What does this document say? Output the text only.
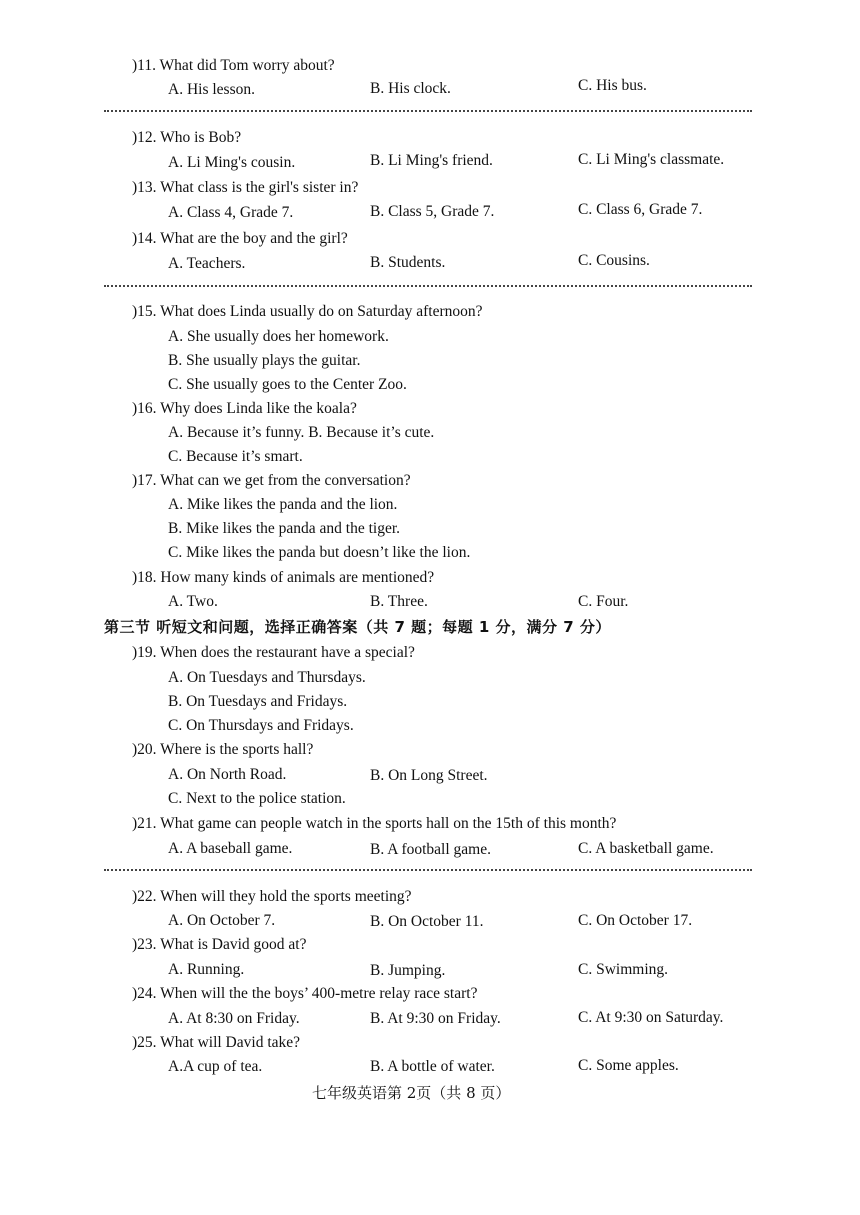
)11. What did Tom worry about?
A. His lesson.	B. His clock.	C. His bus.
)12. Who is Bob?
A. Li Ming's cousin.	B. Li Ming's friend.	C. Li Ming's classmate.
)13. What class is the girl's sister in?
A. Class 4, Grade 7.	B. Class 5, Grade 7.	C. Class 6, Grade 7.
)14. What are the boy and the girl?
A. Teachers.	B. Students.	C. Cousins.
)15. What does Linda usually do on Saturday afternoon?
A. She usually does her homework.
B. She usually plays the guitar.
C. She usually goes to the Center Zoo.
)16. Why does Linda like the koala?
A. Because it’s funny. B. Because it’s cute.
C. Because it’s smart.
)17. What can we get from the conversation?
A. Mike likes the panda and the lion.
B. Mike likes the panda and the tiger.
C. Mike likes the panda but doesn’t like the lion.
)18. How many kinds of animals are mentioned?
A. Two.	B. Three.	C. Four.
第三节 听短文和问题，选择正确答案（共 7 题；每题 1 分，满分 7 分）
)19. When does the restaurant have a special?
A. On Tuesdays and Thursdays.
B. On Tuesdays and Fridays.
C. On Thursdays and Fridays.
)20. Where is the sports hall?
A. On North Road.	B. On Long Street.
C. Next to the police station.
)21. What game can people watch in the sports hall on the 15th of this month?
A. A baseball game.	B. A football game.	C. A basketball game.
)22. When will they hold the sports meeting?
A. On October 7.	B. On October 11.	C. On October 17.
)23. What is David good at?
A. Running.	B. Jumping.	C. Swimming.
)24. When will the the boys’ 400-metre relay race start?
A. At 8:30 on Friday.	B. At 9:30 on Friday.	C. At 9:30 on Saturday.
)25. What will David take?
A.A cup of tea.	B. A bottle of water.	C. Some apples.
七年级英语第 2页（共 8 页）
